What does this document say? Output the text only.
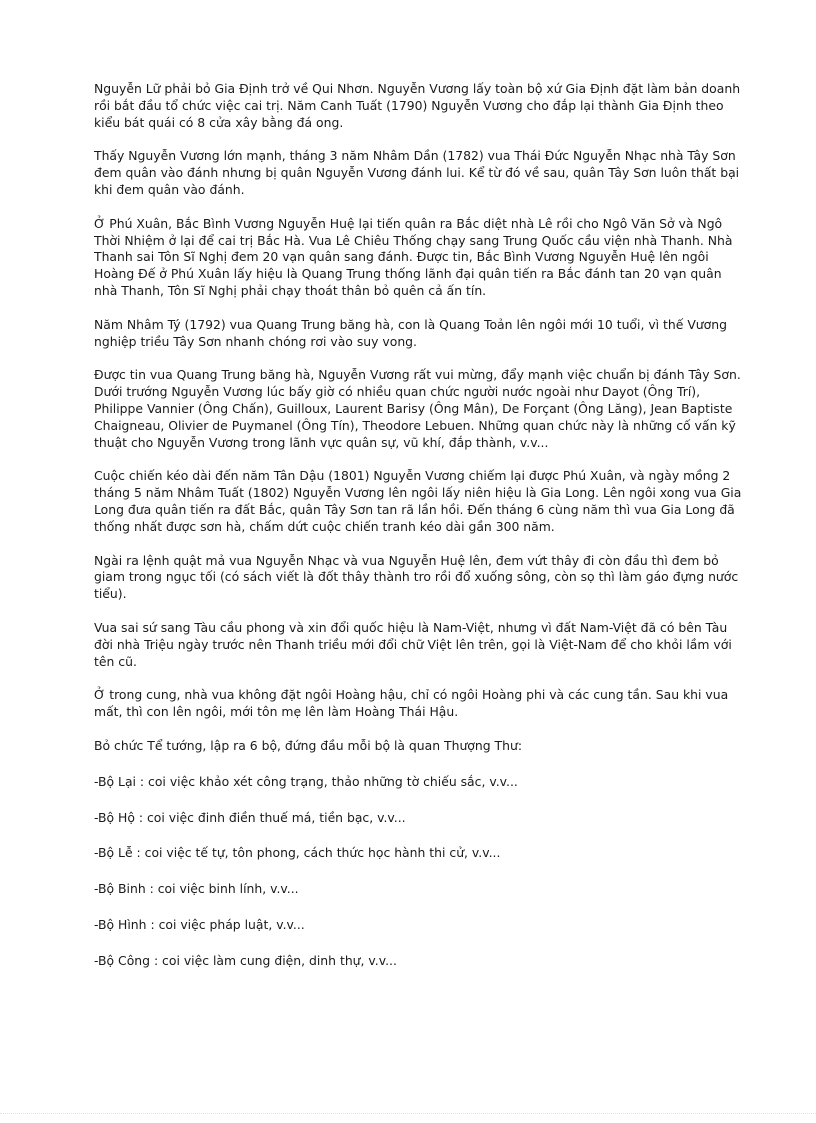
Nguyễn Lữ phải bỏ Gia Định trở về Qui Nhơn. Nguyễn Vương lấy toàn bộ xứ Gia Định đặt làm bản doanh rồi bắt đầu tổ chức việc cai trị. Năm Canh Tuất (1790) Nguyễn Vương cho đắp lại thành Gia Định theo kiểu bát quái có 8 cửa xây bằng đá ong.

Thấy Nguyễn Vương lớn mạnh, tháng 3 năm Nhâm Dần (1782) vua Thái Đức Nguyễn Nhạc nhà Tây Sơn đem quân vào đánh nhưng bị quân Nguyễn Vương đánh lui. Kể từ đó về sau, quân Tây Sơn luôn thất bại khi đem quân vào đánh.

Ở Phú Xuân, Bắc Bình Vương Nguyễn Huệ lại tiến quân ra Bắc diệt nhà Lê rồi cho Ngô Văn Sở và Ngô Thời Nhiệm ở lại để cai trị Bắc Hà. Vua Lê Chiêu Thống chạy sang Trung Quốc cầu viện nhà Thanh. Nhà Thanh sai Tôn Sĩ Nghị đem 20 vạn quân sang đánh. Được tin, Bắc Bình Vương Nguyễn Huệ lên ngôi Hoàng Đế ở Phú Xuân lấy hiệu là Quang Trung thống lãnh đại quân tiến ra Bắc đánh tan 20 vạn quân nhà Thanh, Tôn Sĩ Nghị phải chạy thoát thân bỏ quên cả ấn tín.

Năm Nhâm Tý (1792) vua Quang Trung băng hà, con là Quang Toản lên ngôi mới 10 tuổi, vì thế Vương nghiệp triều Tây Sơn nhanh chóng rơi vào suy vong.

Được tin vua Quang Trung băng hà, Nguyễn Vương rất vui mừng, đẩy mạnh việc chuẩn bị đánh Tây Sơn. Dưới trướng Nguyễn Vương lúc bấy giờ có nhiều quan chức người nước ngoài như Dayot (Ông Trí), Philippe Vannier (Ông Chấn), Guilloux, Laurent Barisy (Ông Mân), De Forçant (Ông Lăng), Jean Baptiste Chaigneau, Olivier de Puymanel (Ông Tín), Theodore Lebuen. Những quan chức này là những cố vấn kỹ thuật cho Nguyễn Vương trong lãnh vực quân sự, vũ khí, đắp thành, v.v...

Cuộc chiến kéo dài đến năm Tân Dậu (1801) Nguyễn Vương chiếm lại được Phú Xuân, và ngày mồng 2 tháng 5 năm Nhâm Tuất (1802) Nguyễn Vương lên ngôi lấy niên hiệu là Gia Long. Lên ngôi xong vua Gia Long đưa quân tiến ra đất Bắc, quân Tây Sơn tan rã lần hồi. Đến tháng 6 cùng năm thì vua Gia Long đã thống nhất được sơn hà, chấm dứt cuộc chiến tranh kéo dài gần 300 năm.

Ngài ra lệnh quật mả vua Nguyễn Nhạc và vua Nguyễn Huệ lên, đem vứt thây đi còn đầu thì đem bỏ giam trong ngục tối (có sách viết là đốt thây thành tro rồi đổ xuống sông, còn sọ thì làm gáo đựng nước tiểu).

Vua sai sứ sang Tàu cầu phong và xin đổi quốc hiệu là Nam-Việt, nhưng vì đất Nam-Việt đã có bên Tàu đời nhà Triệu ngày trước nên Thanh triều mới đổi chữ Việt lên trên, gọi là Việt-Nam để cho khỏi lầm với tên cũ.

Ở trong cung, nhà vua không đặt ngôi Hoàng hậu, chỉ có ngôi Hoàng phi và các cung tần. Sau khi vua mất, thì con lên ngôi, mới tôn mẹ lên làm Hoàng Thái Hậu.

Bỏ chức Tể tướng, lập ra 6 bộ, đứng đầu mỗi bộ là quan Thượng Thư:

-Bộ Lại : coi việc khảo xét công trạng, thảo những tờ chiếu sắc, v.v...

-Bộ Hộ : coi việc đinh điền thuế má, tiền bạc, v.v...

-Bộ Lễ : coi việc tế tự, tôn phong, cách thức học hành thi cử, v.v...

-Bộ Binh : coi việc binh lính, v.v...

-Bộ Hình : coi việc pháp luật, v.v...

-Bộ Công : coi việc làm cung điện, dinh thự, v.v...
